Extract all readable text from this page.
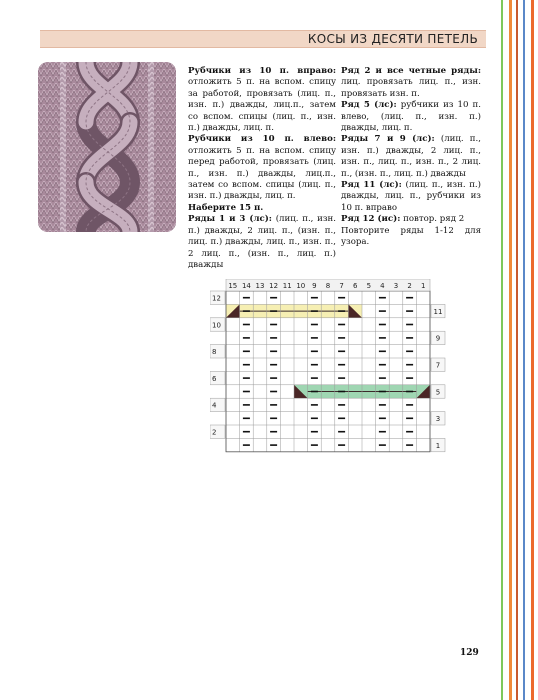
КОСЫ ИЗ ДЕСЯТИ ПЕТЕЛЬ

Рубчики из 10 п. вправо: отложить 5 п. на вспом. спицу за работой, провязать (лиц. п., изн. п.) дважды, лиц.п., затем со вспом. спицы (лиц. п., изн. п.) дважды, лиц. п.

Рубчики из 10 п. влево: отложить 5 п. на вспом. спицу перед работой, провязать (лиц. п., изн. п.) дважды, лиц.п., затем со вспом. спицы (лиц. п., изн. п.) дважды, лиц. п.

Наберите 15 п.

Ряды 1 и 3 (лс): (лиц. п., изн. п.) дважды, 2 лиц. п., (изн. п., лиц. п.) дважды, лиц. п., изн. п., 2 лиц. п., (изн. п., лиц. п.) дважды

Ряд 2 и все четные ряды: лиц. провязать лиц. п., изн. провязать изн. п.

Ряд 5 (лс): рубчики из 10 п. влево, (лиц. п., изн. п.) дважды, лиц. п.

Ряды 7 и 9 (лс): (лиц. п., изн. п.) дважды, 2 лиц. п., изн. п., лиц. п., изн. п., 2 лиц. п., (изн. п., лиц. п.) дважды

Ряд 11 (лс): (лиц. п., изн. п.) дважды, лиц. п., рубчики из 10 п. вправо

Ряд 12 (ис): повтор. ряд 2

Повторите ряды 1-12 для узора.

15 14 13 12 11 10 9 8 7 6 5 4 3 2 1
12
10
8
6
4
2
11
9
7
5
3
1
129
